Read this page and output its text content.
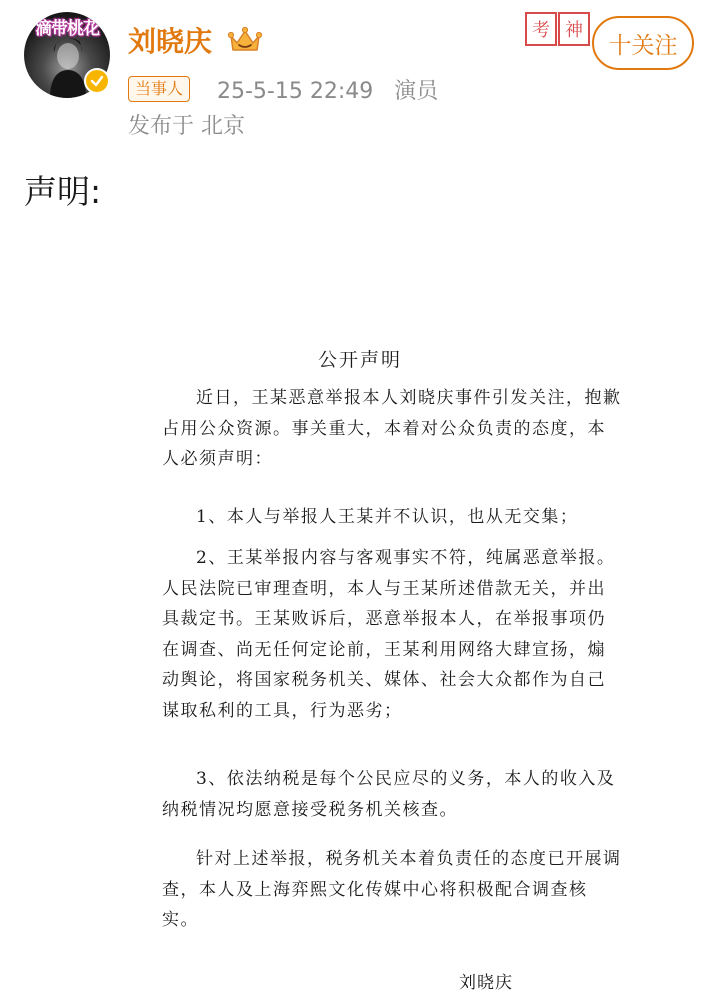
滴带桃花	刘晓庆	考 神
十关注
当事人	25-5-15 22:49 演员
发布于 北京
声明:
公开声明
近日，王某恶意举报本人刘晓庆事件引发关注，抱歉占用公众资源。事关重大，本着对公众负责的态度，本人必须声明：
1、本人与举报人王某并不认识，也从无交集；
2、王某举报内容与客观事实不符，纯属恶意举报。人民法院已审理查明，本人与王某所述借款无关，并出具裁定书。王某败诉后，恶意举报本人，在举报事项仍在调查、尚无任何定论前，王某利用网络大肆宣扬，煽动舆论，将国家税务机关、媒体、社会大众都作为自己谋取私利的工具，行为恶劣；
3、依法纳税是每个公民应尽的义务，本人的收入及纳税情况均愿意接受税务机关核查。
针对上述举报，税务机关本着负责任的态度已开展调查，本人及上海弈熙文化传媒中心将积极配合调查核实。
刘晓庆
